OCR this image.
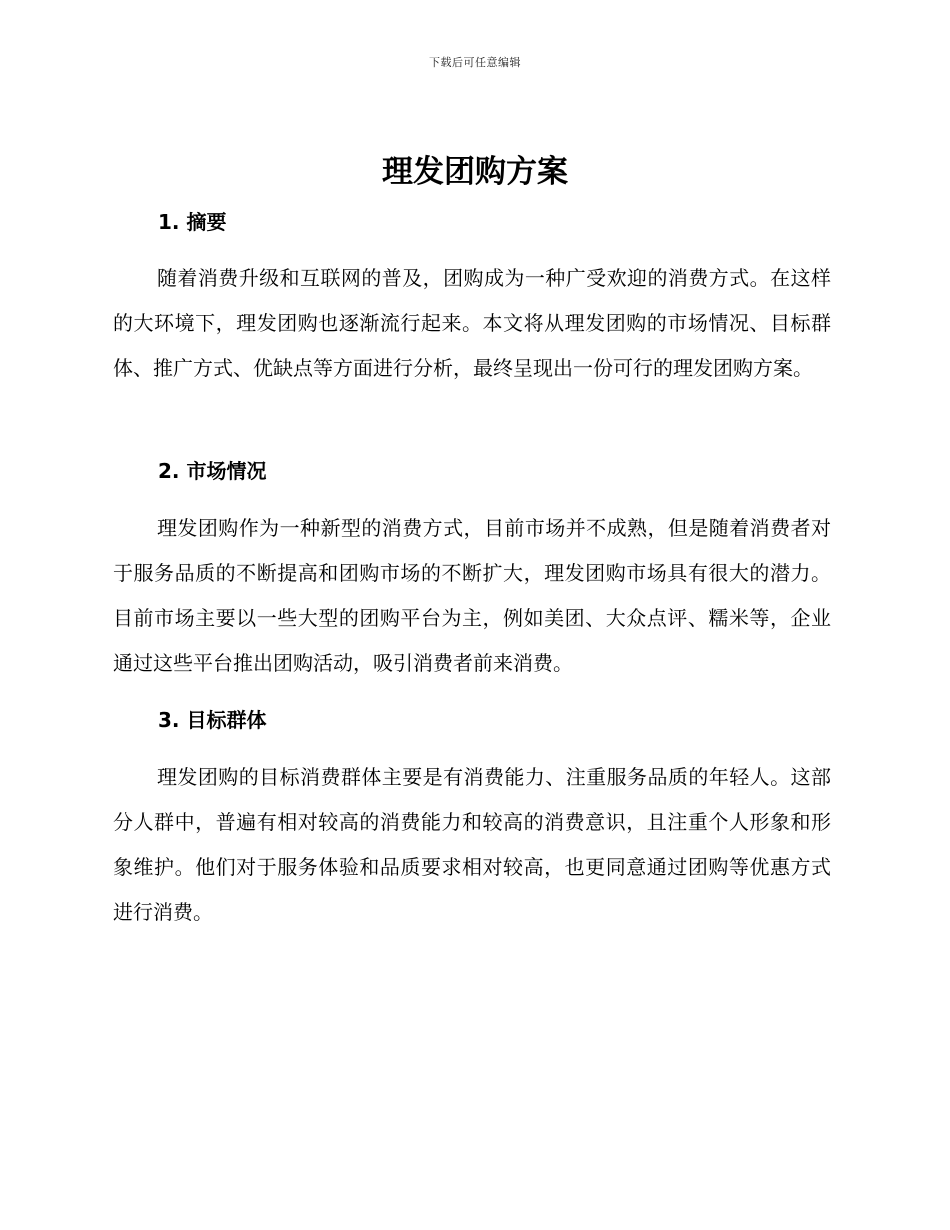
下载后可任意编辑
理发团购方案
1. 摘要

随着消费升级和互联网的普及，团购成为一种广受欢迎的消费方式。在这样的大环境下，理发团购也逐渐流行起来。本文将从理发团购的市场情况、目标群体、推广方式、优缺点等方面进行分析，最终呈现出一份可行的理发团购方案。

2. 市场情况

理发团购作为一种新型的消费方式，目前市场并不成熟，但是随着消费者对于服务品质的不断提高和团购市场的不断扩大，理发团购市场具有很大的潜力。目前市场主要以一些大型的团购平台为主，例如美团、大众点评、糯米等，企业通过这些平台推出团购活动，吸引消费者前来消费。

3. 目标群体

理发团购的目标消费群体主要是有消费能力、注重服务品质的年轻人。这部分人群中，普遍有相对较高的消费能力和较高的消费意识，且注重个人形象和形象维护。他们对于服务体验和品质要求相对较高，也更同意通过团购等优惠方式进行消费。
